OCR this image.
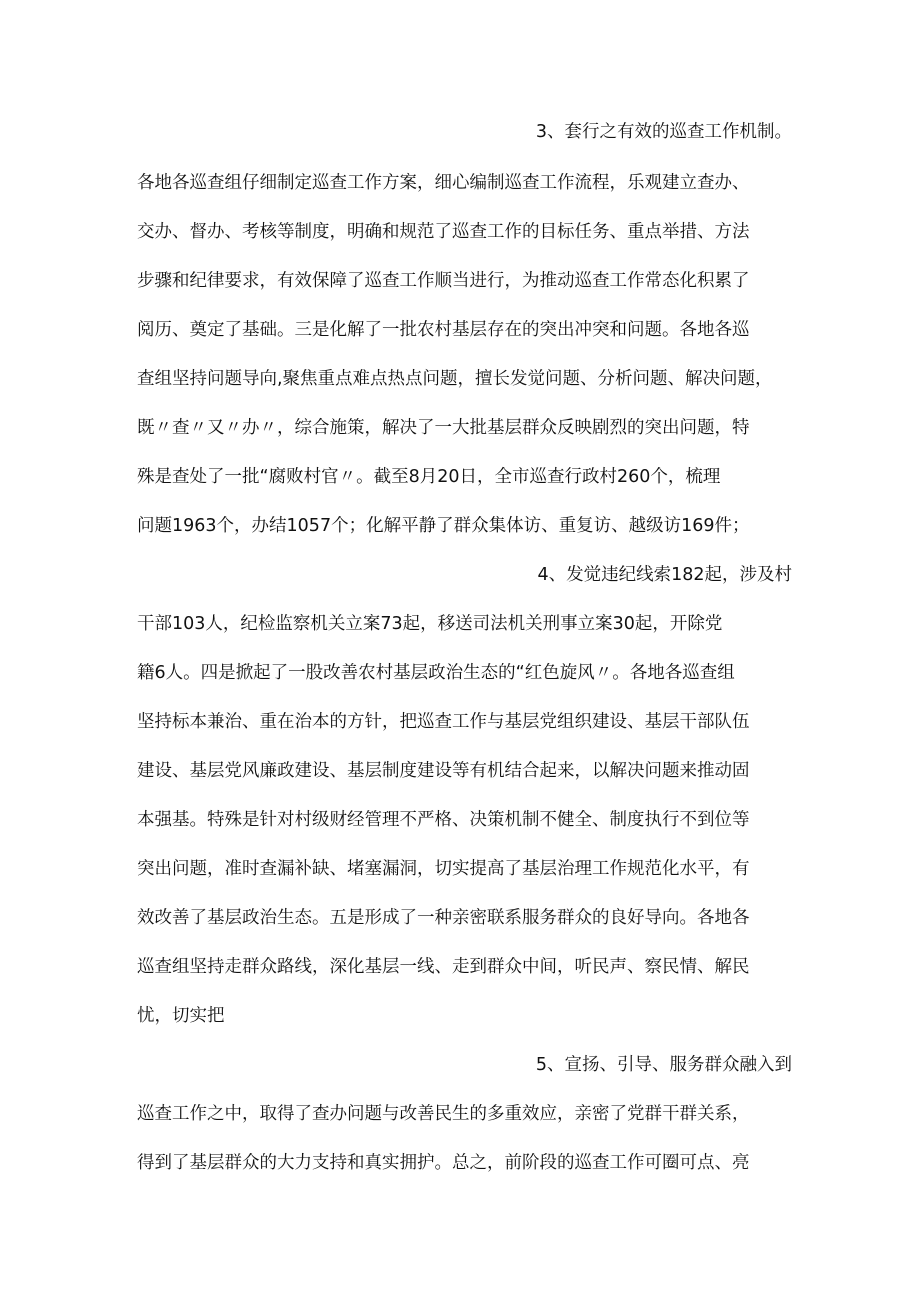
3、套行之有效的巡查工作机制。
各地各巡查组仔细制定巡查工作方案，细心编制巡查工作流程，乐观建立查办、
交办、督办、考核等制度，明确和规范了巡查工作的目标任务、重点举措、方法
步骤和纪律要求，有效保障了巡查工作顺当进行，为推动巡查工作常态化积累了
阅历、奠定了基础。三是化解了一批农村基层存在的突出冲突和问题。各地各巡
查组坚持问题导向,聚焦重点难点热点问题，擅长发觉问题、分析问题、解决问题，
既〃查〃又〃办〃，综合施策，解决了一大批基层群众反映剧烈的突出问题，特
殊是查处了一批“腐败村官〃。截至8月20日，全市巡查行政村260个，梳理
问题1963个，办结1057个；化解平静了群众集体访、重复访、越级访169件；
4、发觉违纪线索182起，涉及村
干部103人，纪检监察机关立案73起，移送司法机关刑事立案30起，开除党
籍6人。四是掀起了一股改善农村基层政治生态的“红色旋风〃。各地各巡查组
坚持标本兼治、重在治本的方针，把巡查工作与基层党组织建设、基层干部队伍
建设、基层党风廉政建设、基层制度建设等有机结合起来，以解决问题来推动固
本强基。特殊是针对村级财经管理不严格、决策机制不健全、制度执行不到位等
突出问题，准时查漏补缺、堵塞漏洞，切实提高了基层治理工作规范化水平，有
效改善了基层政治生态。五是形成了一种亲密联系服务群众的良好导向。各地各
巡查组坚持走群众路线，深化基层一线、走到群众中间，听民声、察民情、解民
忧，切实把
5、宣扬、引导、服务群众融入到
巡查工作之中，取得了查办问题与改善民生的多重效应，亲密了党群干群关系，
得到了基层群众的大力支持和真实拥护。总之，前阶段的巡查工作可圈可点、亮
